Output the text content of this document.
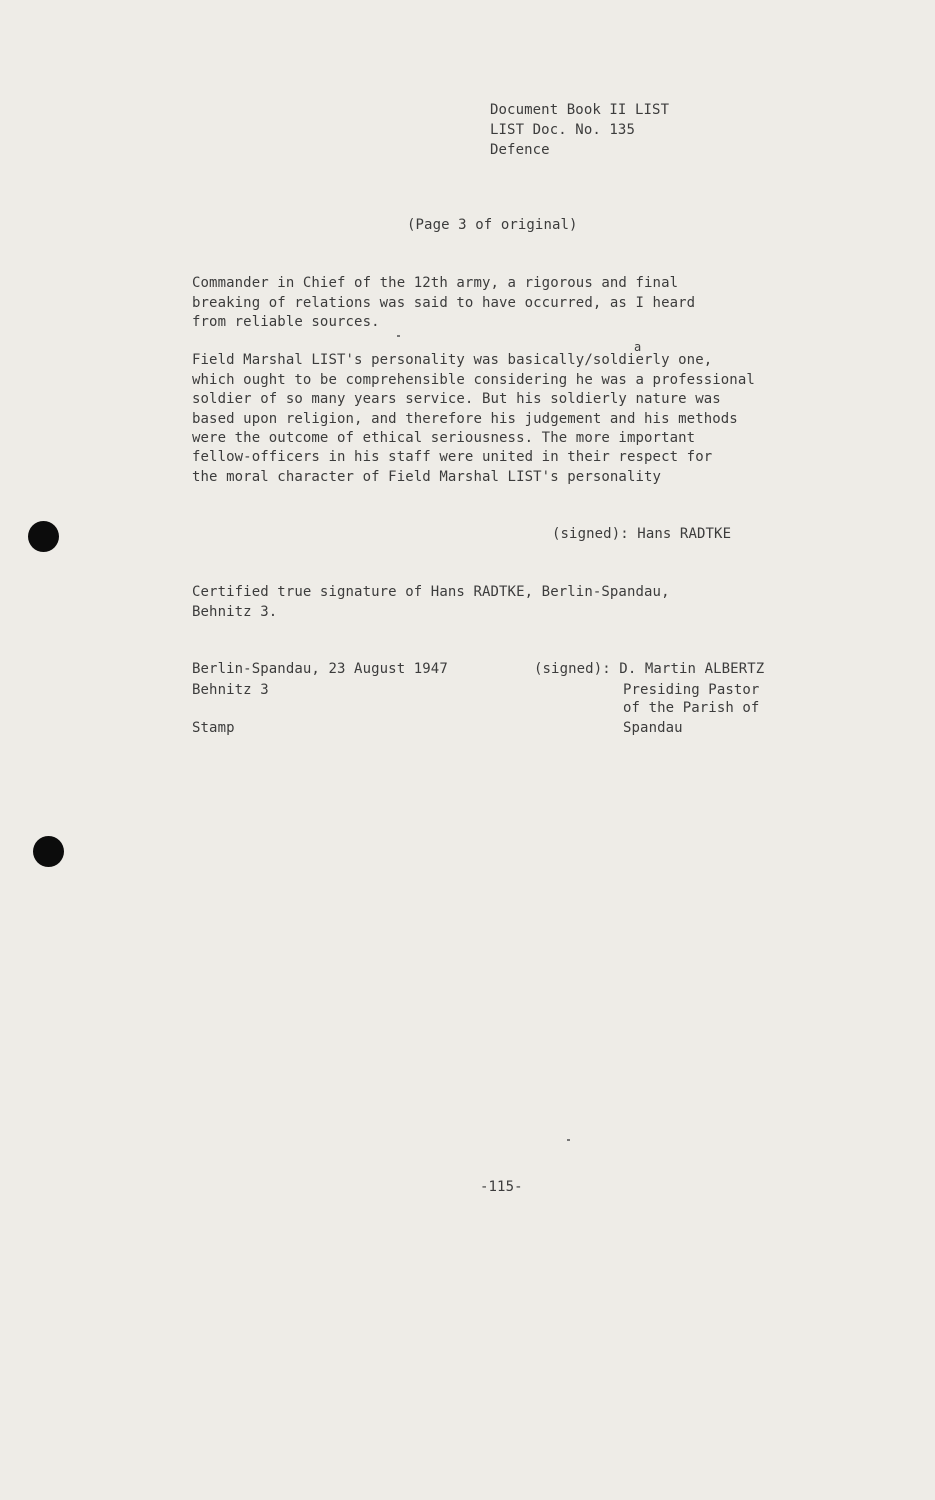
Document Book II LIST
LIST Doc. No. 135
Defence
(Page 3 of original)
Commander in Chief of the 12th army, a rigorous and final
breaking of relations was said to have occurred, as I heard
from reliable sources.
a
Field Marshal LIST's personality was basically/soldierly one,
which ought to be comprehensible considering he was a professional
soldier of so many years service. But his soldierly nature was
based upon religion, and therefore his judgement and his methods
were the outcome of ethical seriousness. The more important
fellow-officers in his staff were united in their respect for
the moral character of Field Marshal LIST's personality
(signed): Hans RADTKE
Certified true signature of Hans RADTKE, Berlin-Spandau,
Behnitz 3.
Berlin-Spandau, 23 August 1947
Behnitz 3
Stamp
(signed): D. Martin ALBERTZ
Presiding Pastor
of the Parish of
Spandau
-115-
